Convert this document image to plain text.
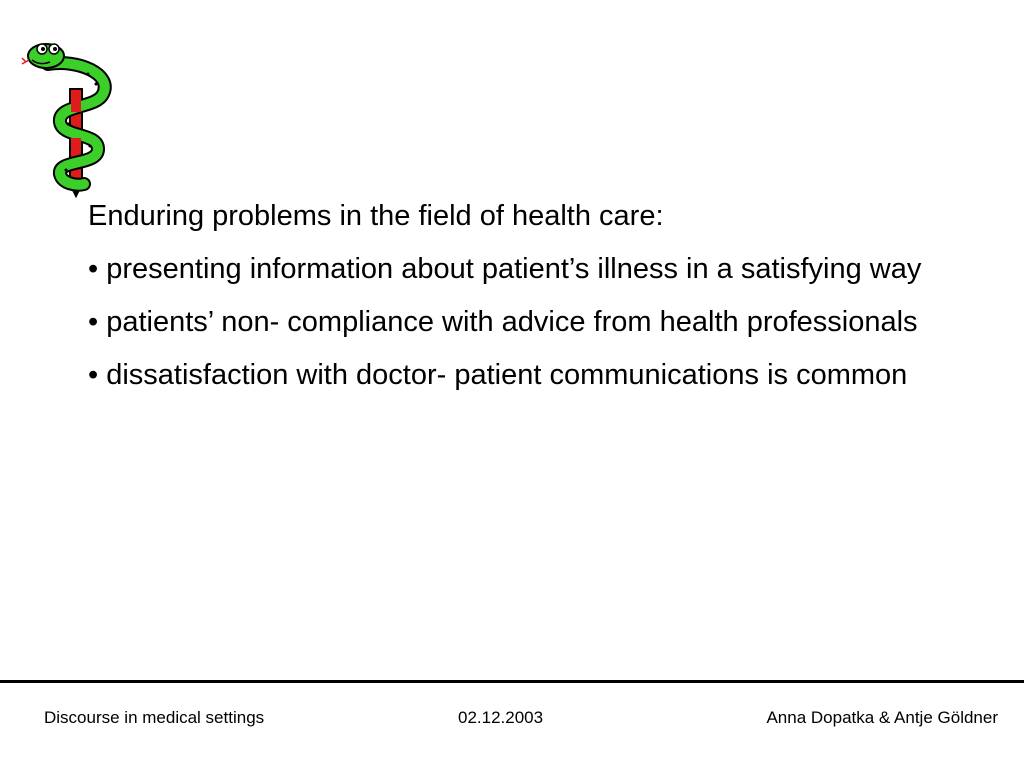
Enduring problems in the field of health care:

• presenting information about patient’s illness in a satisfying way

• patients’ non- compliance with advice from health professionals

• dissatisfaction with doctor- patient communications is common

Discourse in medical settings	02.12.2003	Anna Dopatka & Antje Göldner
